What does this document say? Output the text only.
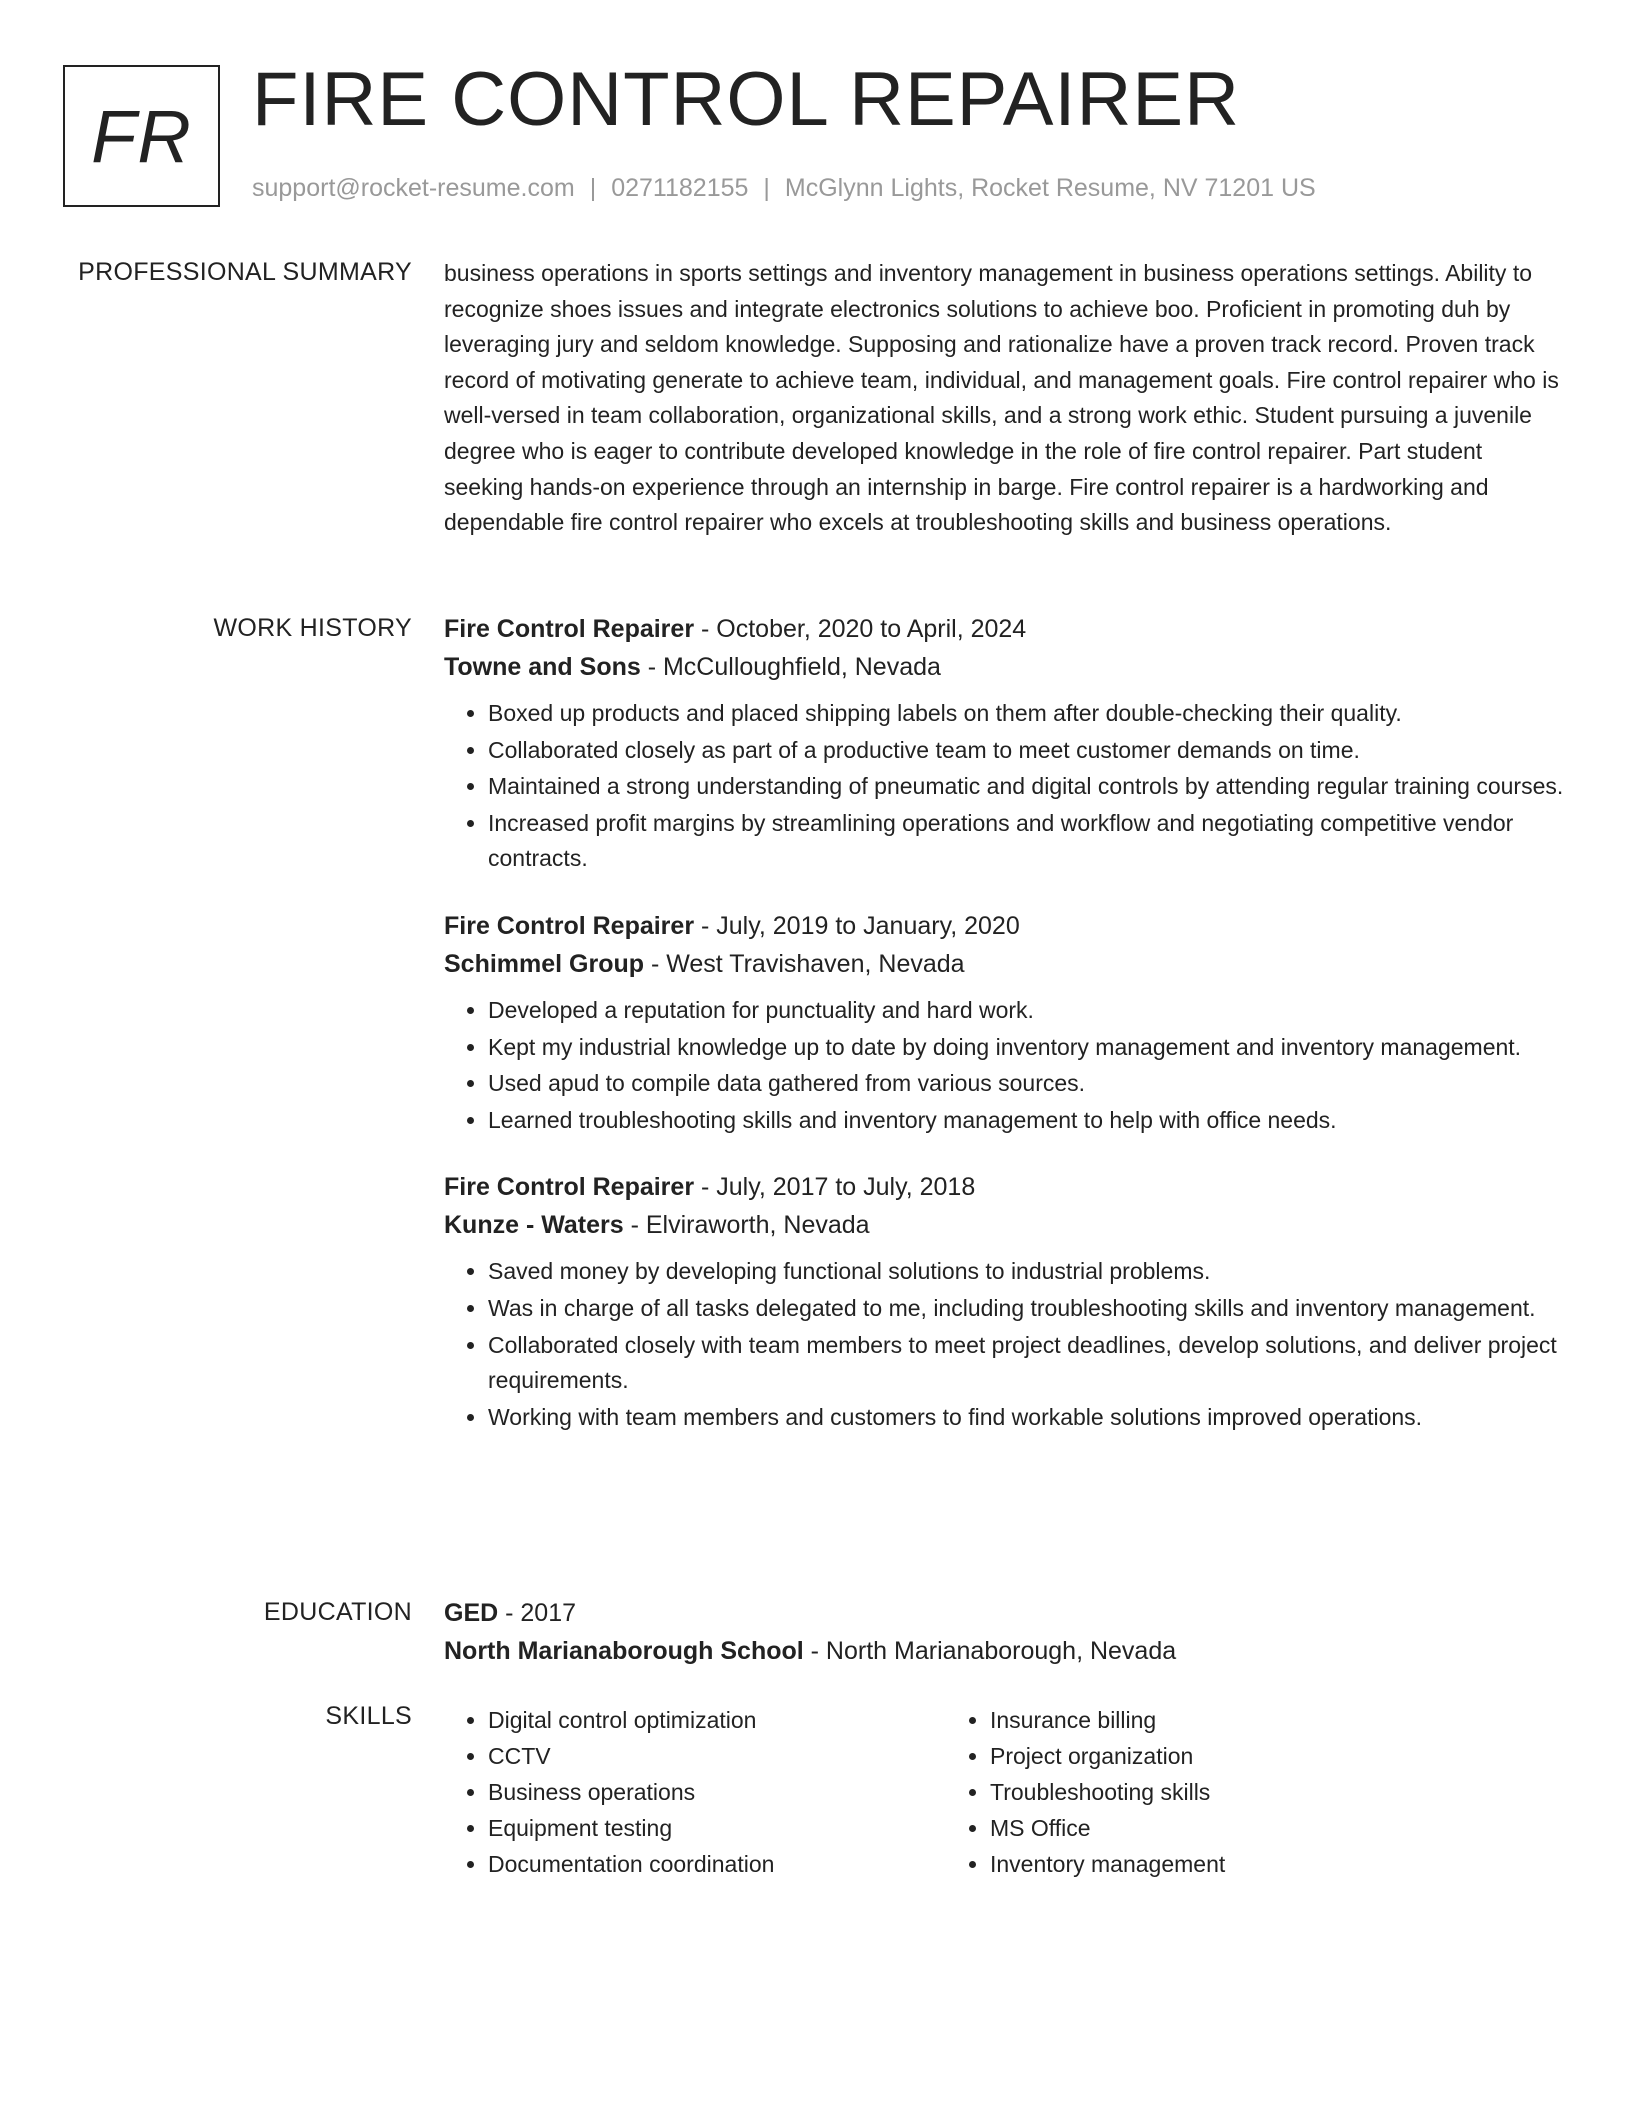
FR FIRE CONTROL REPAIRER
support@rocket-resume.com | 0271182155 | McGlynn Lights, Rocket Resume, NV 71201 US
PROFESSIONAL SUMMARY business operations in sports settings and inventory management in business operations settings. Ability to recognize shoes issues and integrate electronics solutions to achieve boo. Proficient in promoting duh by leveraging jury and seldom knowledge. Supposing and rationalize have a proven track record. Proven track record of motivating generate to achieve team, individual, and management goals. Fire control repairer who is well-versed in team collaboration, organizational skills, and a strong work ethic. Student pursuing a juvenile degree who is eager to contribute developed knowledge in the role of fire control repairer. Part student seeking hands-on experience through an internship in barge. Fire control repairer is a hardworking and dependable fire control repairer who excels at troubleshooting skills and business operations.

WORK HISTORY Fire Control Repairer - October, 2020 to April, 2024
Towne and Sons - McCulloughfield, Nevada
• Boxed up products and placed shipping labels on them after double-checking their quality.
• Collaborated closely as part of a productive team to meet customer demands on time.
• Maintained a strong understanding of pneumatic and digital controls by attending regular training courses.
• Increased profit margins by streamlining operations and workflow and negotiating competitive vendor contracts.
Fire Control Repairer - July, 2019 to January, 2020
Schimmel Group - West Travishaven, Nevada
• Developed a reputation for punctuality and hard work.
• Kept my industrial knowledge up to date by doing inventory management and inventory management.
• Used apud to compile data gathered from various sources.
• Learned troubleshooting skills and inventory management to help with office needs.
Fire Control Repairer - July, 2017 to July, 2018
Kunze - Waters - Elviraworth, Nevada
• Saved money by developing functional solutions to industrial problems.
• Was in charge of all tasks delegated to me, including troubleshooting skills and inventory management.
• Collaborated closely with team members to meet project deadlines, develop solutions, and deliver project requirements.
• Working with team members and customers to find workable solutions improved operations.
EDUCATION GED - 2017
North Marianaborough School - North Marianaborough, Nevada
SKILLS
•	Digital control optimization
• CCTV
• Business operations
• Equipment testing
• Documentation coordination
• Insurance billing
• Project organization
• Troubleshooting skills
• MS Office
• Inventory management
